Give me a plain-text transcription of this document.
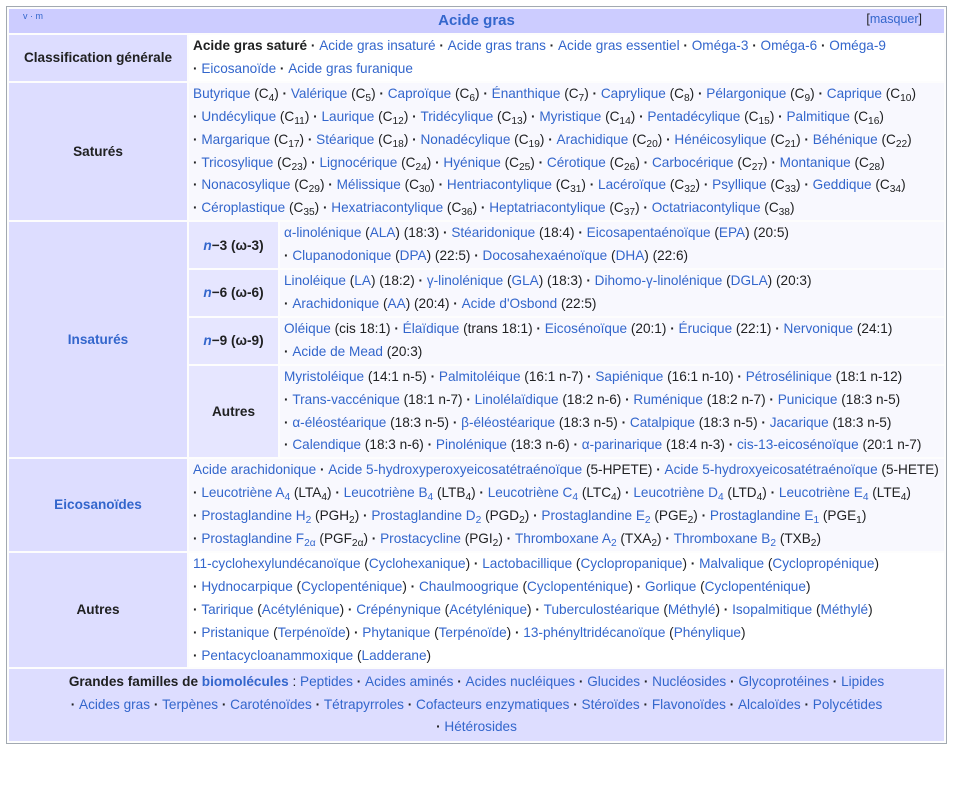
v · m	Acide gras	[masquer]
Classification générale
Acide gras saturé · Acide gras insaturé · Acide gras trans · Acide gras essentiel · Oméga-3 · Oméga-6 · Oméga-9 · Eicosanoïde · Acide gras furanique
Saturés
Butyrique $(C_4)$ · Valérique $(C_5)$ · Caproïque $(C_6)$ · Énanthique $(C_7)$ · Caprylique $(C_8)$ · Pélargonique $(C_9)$ · Caprique $(C_{10})$ · Undécylique $(C_{11})$ · Laurique $(C_{12})$ · Tridécylique $(C_{13})$ · Myristique $(C_{14})$ · Pentadécylique $(C_{15})$ · Palmitique $(C_{16})$ · Margarique $(C_{17})$ · Stéarique $(C_{18})$ · Nonadécylique $(C_{19})$ · Arachidique $(C_{20})$ · Hénéicosylique $(C_{21})$ · Béhénique $(C_{22})$ · Tricosylique $(C_{23})$ · Lignocérique $(C_{24})$ · Hyénique $(C_{25})$ · Cérotique $(C_{26})$ · Carbocérique $(C_{27})$ · Montanique $(C_{28})$ · Nonacosylique $(C_{29})$ · Mélissique $(C_{30})$ · Hentriacontylique $(C_{31})$ · Lacéroïque $(C_{32})$ · Psyllique $(C_{33})$ · Geddique $(C_{34})$ · Céroplastique $(C_{35})$ · Hexatriacontylique $(C_{36})$ · Heptatriacontylique $(C_{37})$ · Octatriacontylique $(C_{38})$
Insaturés
n −3 (ω-3)
α-linolénique (ALA) (18:3) · Stéaridonique (18:4) · Eicosapentaénoïque (EPA) (20:5) · Clupanodonique (DPA) (22:5) · Docosahexaénoïque (DHA) (22:6)
n −6 (ω-6)
Linoléique (LA) (18:2) · γ-linolénique (GLA) (18:3) · Dihomo-γ-linolénique (DGLA) (20:3) · Arachidonique (AA) (20:4) · Acide d'Osbond (22:5)
n −9 (ω-9)
Oléique (cis 18:1) · Élaïdique (trans 18:1) · Eicosénoïque (20:1) · Érucique (22:1) · Nervonique (24:1) · Acide de Mead (20:3)
Autres
Myristoléique (14:1 n-5) · Palmitoléique (16:1 n-7) · Sapiénique (16:1 n-10) · Pétrosélinique (18:1 n-12) · Trans-vaccénique (18:1 n-7) · Linolélaïdique (18:2 n-6) · Ruménique (18:2 n-7) · Punicique (18:3 n-5) · α-éléostéarique (18:3 n-5) · β-éléostéarique (18:3 n-5) · Catalpique (18:3 n-5) · Jacarique (18:3 n-5) · Calendique (18:3 n-6) · Pinolénique (18:3 n-6) · α-parinarique (18:4 n-3) · cis-13-eicosénoïque (20:1 n-7)
Eicosanoïdes
Acide arachidonique · Acide 5-hydroxyperoxyeicosatétraénoïque (5-HPETE) · Acide 5-hydroxyeicosatétraénoïque (5-HETE) · Leucotriène $A_4$ $(LTA_4)$ · Leucotriène $B_4$ $(LTB_4)$ · Leucotriène $C_4$ $(LTC_4)$ · Leucotriène $D_4$ $(LTD_4)$ · Leucotriène $E_4$ $(LTE_4)$ · Prostaglandine $H_2$ $(PGH_2)$ · Prostaglandine $D_2$ $(PGD_2)$ · Prostaglandine $E_2$ $(PGE_2)$ · Prostaglandine $E_1$ $(PGE_1)$ · Prostaglandine $F_{2\alpha}$ $(PGF_{2\alpha})$ · Prostacycline $(PGI_2)$ · Thromboxane $A_2$ $(TXA_2)$ · Thromboxane $B_2$ $(TXB_2)$
Autres
11-cyclohexylundécanoïque (Cyclohexanique) · Lactobacillique (Cyclopropanique) · Malvalique (Cyclopropénique) · Hydnocarpique (Cyclopenténique) · Chaulmoogrique (Cyclopenténique) · Gorlique (Cyclopenténique) · Taririque (Acétylénique) · Crépénynique (Acétylénique) · Tuberculostéarique (Méthylé) · Isopalmitique (Méthylé) · Pristanique (Terpénoïde) · Phytanique (Terpénoïde) · 13-phényltridécanoïque (Phénylique) · Pentacycloanammoxique (Ladderane)
Grandes familles de biomolécules : Peptides · Acides aminés · Acides nucléiques · Glucides · Nucléosides · Glycoprotéines · Lipides · Acides gras · Terpènes · Caroténoïdes · Tétrapyrroles · Cofacteurs enzymatiques · Stéroïdes · Flavonoïdes · Alcaloïdes · Polycétides · Hétérosides
